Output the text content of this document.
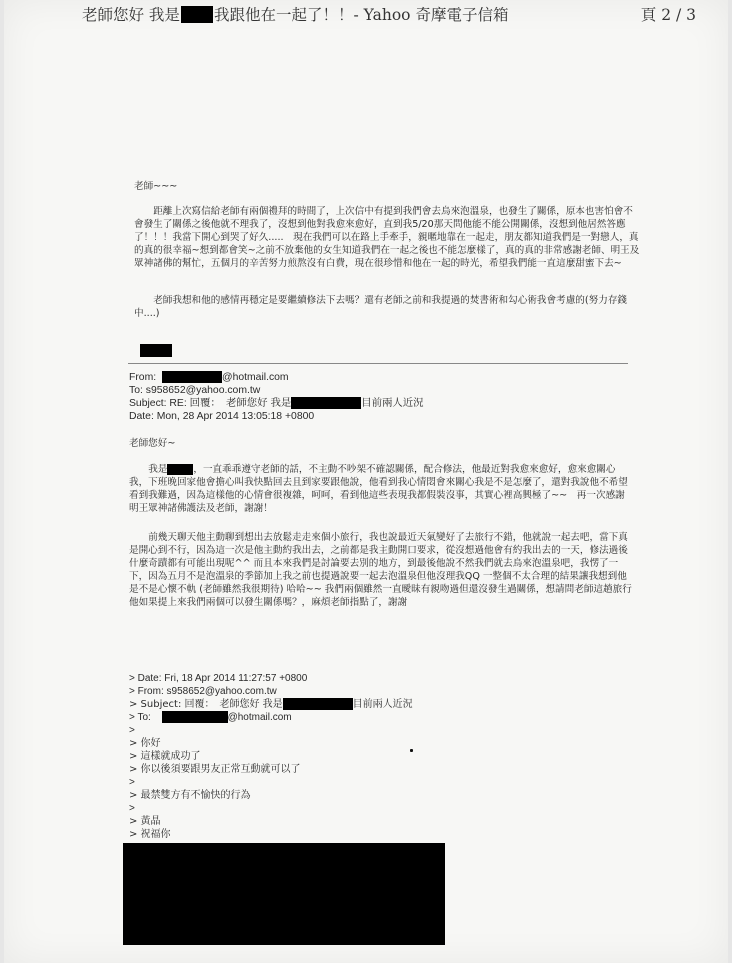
老師您好 我是 我跟他在一起了！！- Yahoo 奇摩電子信箱	頁 2 / 3
老師~~~

距離上次寫信給老師有兩個禮拜的時間了，上次信中有提到我們會去烏來泡溫泉，也發生了關係，原本也害怕會不會發生了關係之後他就不理我了，沒想到他對我愈來愈好，直到我5/20那天問他能不能公開關係，沒想到他居然答應了！！！我當下開心到哭了好久.....　現在我們可以在路上手牽手，親暱地靠在一起走，朋友都知道我們是一對戀人，真的真的很幸福~想到都會笑~之前不放棄他的女生知道我們在一起之後也不能怎麼樣了，真的真的非常感謝老師、明王及眾神諸佛的幫忙，五個月的辛苦努力煎熬沒有白費，現在很珍惜和他在一起的時光，希望我們能一直這麼甜蜜下去~

老師我想和他的感情再穩定是要繼續修法下去嗎？還有老師之前和我提過的焚書術和勾心術我會考慮的(努力存錢中....)

From:	@hotmail.com
To: s958652@yahoo.com.tw
Subject: RE: 回覆：　老師您好 我是	目前兩人近況
Date: Mon, 28 Apr 2014 13:05:18 +0800
老師您好~

我是	，一直乖乖遵守老師的話，不主動不吵架不確認關係，配合修法，他最近對我愈來愈好，愈來愈關心我，下班晚回家他會擔心叫我快點回去且到家要跟他說，他看到我心情悶會來關心我是不是怎麼了，還對我說他不希望看到我難過，因為這樣他的心情會很複雜，呵呵，看到他這些表現我都假裝沒事，其實心裡高興極了~~　再一次感謝明王眾神諸佛護法及老師，謝謝！

前幾天聊天他主動聊到想出去放鬆走走來個小旅行，我也說最近天氣變好了去旅行不錯，他就說一起去吧，當下真是開心到不行，因為這一次是他主動約我出去，之前都是我主動開口要求，從沒想過他會有約我出去的一天，修法過後什麼奇蹟都有可能出現呢^^ 而且本來我們是討論要去別的地方，到最後他說不然我們就去烏來泡溫泉吧，我愣了一下，因為五月不是泡溫泉的季節加上我之前也提過說要一起去泡溫泉但他沒理我QQ 一整個不太合理的結果讓我想到他是不是心懷不軌 (老師雖然我很期待) 哈哈~~ 我們兩個雖然一直曖昧有親吻過但還沒發生過關係，想請問老師這趟旅行他如果提上來我們兩個可以發生關係嗎？，麻煩老師指點了，謝謝

> Date: Fri, 18 Apr 2014 11:27:57 +0800
> From: s958652@yahoo.com.tw
> Subject: 回覆：　老師您好 我是	目前兩人近況
> To:	@hotmail.com
>
> 你好
> 這樣就成功了
> 你以後須要跟男友正常互動就可以了
>
> 最禁雙方有不愉快的行為
>
> 黃晶
> 祝福你
